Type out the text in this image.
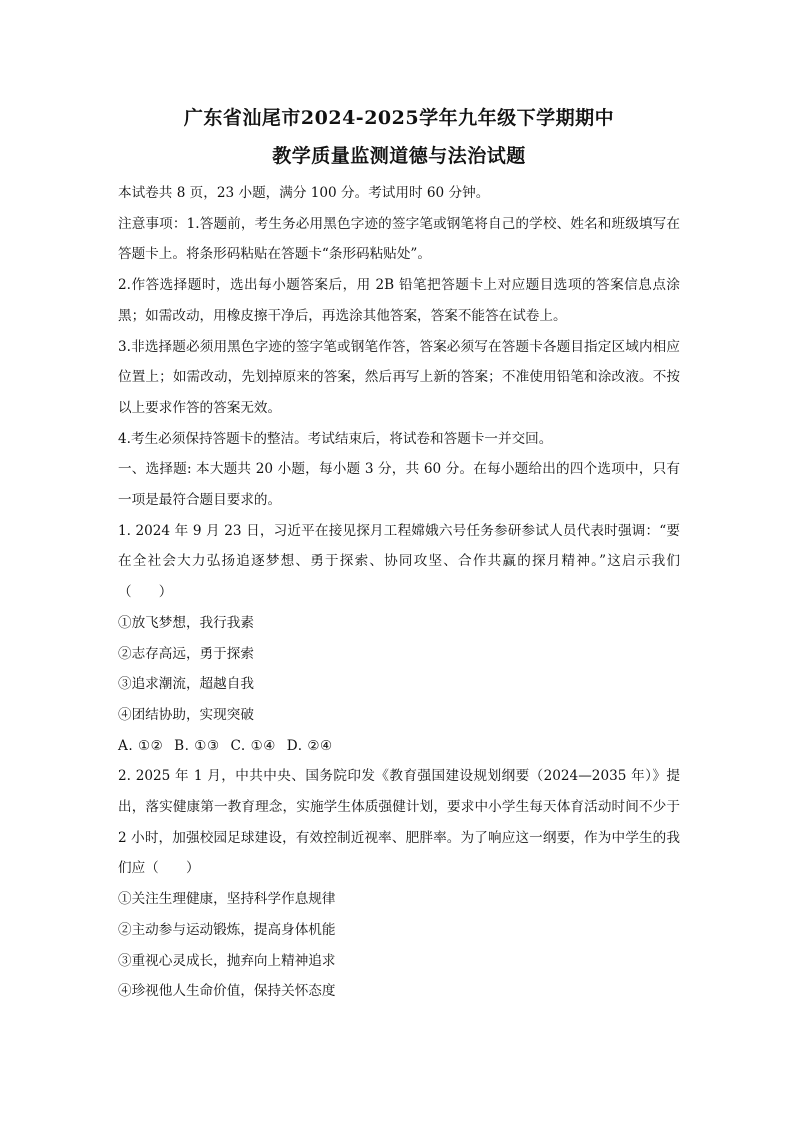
广东省汕尾市2024-2025学年九年级下学期期中
教学质量监测道德与法治试题

本试卷共 8 页，23 小题，满分 100 分。考试用时 60 分钟。

注意事项：1.答题前，考生务必用黑色字迹的签字笔或钢笔将自己的学校、姓名和班级填写在答题卡上。将条形码粘贴在答题卡“条形码粘贴处”。

2.作答选择题时，选出每小题答案后，用 2B 铅笔把答题卡上对应题目选项的答案信息点涂黑；如需改动，用橡皮擦干净后，再选涂其他答案，答案不能答在试卷上。

3.非选择题必须用黑色字迹的签字笔或钢笔作答，答案必须写在答题卡各题目指定区域内相应位置上；如需改动，先划掉原来的答案，然后再写上新的答案；不准使用铅笔和涂改液。不按以上要求作答的答案无效。

4.考生必须保持答题卡的整洁。考试结束后，将试卷和答题卡一并交回。

一、选择题: 本大题共 20 小题，每小题 3 分，共 60 分。在每小题给出的四个选项中，只有一项是最符合题目要求的。

1. 2024 年 9 月 23 日，习近平在接见探月工程嫦娥六号任务参研参试人员代表时强调：“要在全社会大力弘扬追逐梦想、勇于探索、协同攻坚、合作共赢的探月精神。”这启示我们（　　）

①放飞梦想，我行我素

②志存高远，勇于探索

③追求潮流，超越自我

④团结协助，实现突破

A. ①② B. ①③ C. ①④ D. ②④

2. 2025 年 1 月，中共中央、国务院印发《教育强国建设规划纲要（2024—2035 年）》提出，落实健康第一教育理念，实施学生体质强健计划，要求中小学生每天体育活动时间不少于 2 小时，加强校园足球建设，有效控制近视率、肥胖率。为了响应这一纲要，作为中学生的我们应（　　）

①关注生理健康，坚持科学作息规律

②主动参与运动锻炼，提高身体机能

③重视心灵成长，抛弃向上精神追求

④珍视他人生命价值，保持关怀态度
